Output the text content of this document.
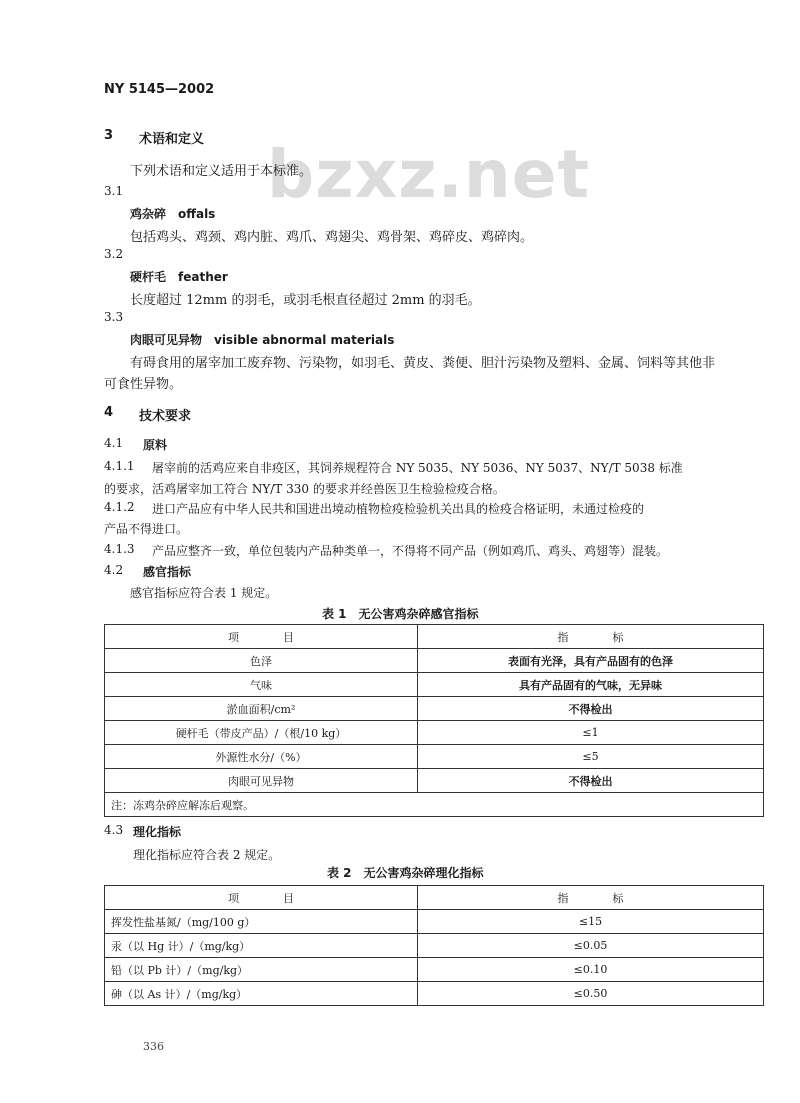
NY 5145—2002
bzxz.net
3 术语和定义
下列术语和定义适用于本标准。
3.1
鸡杂碎　offals
包括鸡头、鸡颈、鸡内脏、鸡爪、鸡翅尖、鸡骨架、鸡碎皮、鸡碎肉。
3.2
硬杆毛　feather
长度超过 12mm 的羽毛，或羽毛根直径超过 2mm 的羽毛。
3.3
肉眼可见异物　visible abnormal materials
有碍食用的屠宰加工废弃物、污染物，如羽毛、黄皮、粪便、胆汁污染物及塑料、金属、饲料等其他非
可食性异物。
4 技术要求
4.1 原料
4.1.1 屠宰前的活鸡应来自非疫区，其饲养规程符合 NY 5035、NY 5036、NY 5037、NY/T 5038 标准
的要求，活鸡屠宰加工符合 NY/T 330 的要求并经兽医卫生检验检疫合格。
4.1.2 进口产品应有中华人民共和国进出境动植物检疫检验机关出具的检疫合格证明，未通过检疫的
产品不得进口。
4.1.3 产品应整齐一致，单位包装内产品种类单一，不得将不同产品（例如鸡爪、鸡头、鸡翅等）混装。
4.2 感官指标
感官指标应符合表 1 规定。
表 1　无公害鸡杂碎感官指标
项　　　　目	指　　　　标
色泽	表面有光泽，具有产品固有的色泽
气味	具有产品固有的气味，无异味
淤血面积/cm²	不得检出
硬杆毛（带皮产品）/（根/10 kg）	≤1
外源性水分/（%）	≤5
肉眼可见异物	不得检出
注：冻鸡杂碎应解冻后观察。	
4.3 理化指标
理化指标应符合表 2 规定。
表 2　无公害鸡杂碎理化指标
项　　　　目	指　　　　标
挥发性盐基氮/（mg/100 g）	≤15
汞（以 Hg 计）/（mg/kg）	≤0.05
铅（以 Pb 计）/（mg/kg）	≤0.10
砷（以 As 计）/（mg/kg）	≤0.50
336
